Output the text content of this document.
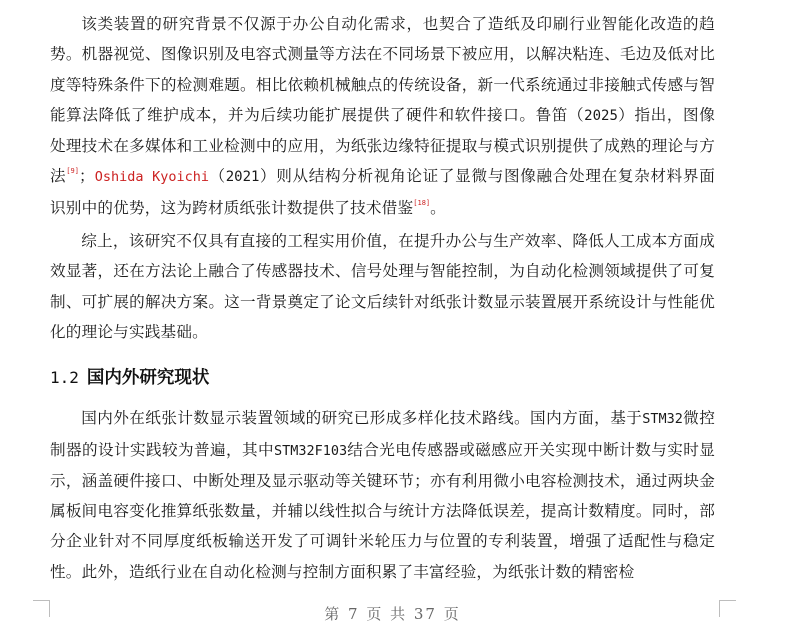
该类装置的研究背景不仅源于办公自动化需求，也契合了造纸及印刷行业智能化改造的趋势。机器视觉、图像识别及电容式测量等方法在不同场景下被应用，以解决粘连、毛边及低对比度等特殊条件下的检测难题。相比依赖机械触点的传统设备，新一代系统通过非接触式传感与智能算法降低了维护成本，并为后续功能扩展提供了硬件和软件接口。鲁笛（2025）指出，图像处理技术在多媒体和工业检测中的应用，为纸张边缘特征提取与模式识别提供了成熟的理论与方法[9]；Oshida Kyoichi（2021）则从结构分析视角论证了显微与图像融合处理在复杂材料界面识别中的优势，这为跨材质纸张计数提供了技术借鉴[18]。

综上，该研究不仅具有直接的工程实用价值，在提升办公与生产效率、降低人工成本方面成效显著，还在方法论上融合了传感器技术、信号处理与智能控制，为自动化检测领域提供了可复制、可扩展的解决方案。这一背景奠定了论文后续针对纸张计数显示装置展开系统设计与性能优化的理论与实践基础。

1.2 国内外研究现状

国内外在纸张计数显示装置领域的研究已形成多样化技术路线。国内方面，基于STM32微控制器的设计实践较为普遍，其中STM32F103结合光电传感器或磁感应开关实现中断计数与实时显示，涵盖硬件接口、中断处理及显示驱动等关键环节；亦有利用微小电容检测技术，通过两块金属板间电容变化推算纸张数量，并辅以线性拟合与统计方法降低误差，提高计数精度。同时，部分企业针对不同厚度纸板输送开发了可调针米轮压力与位置的专利装置，增强了适配性与稳定性。此外，造纸行业在自动化检测与控制方面积累了丰富经验，为纸张计数的精密检

第 7 页 共 37 页
